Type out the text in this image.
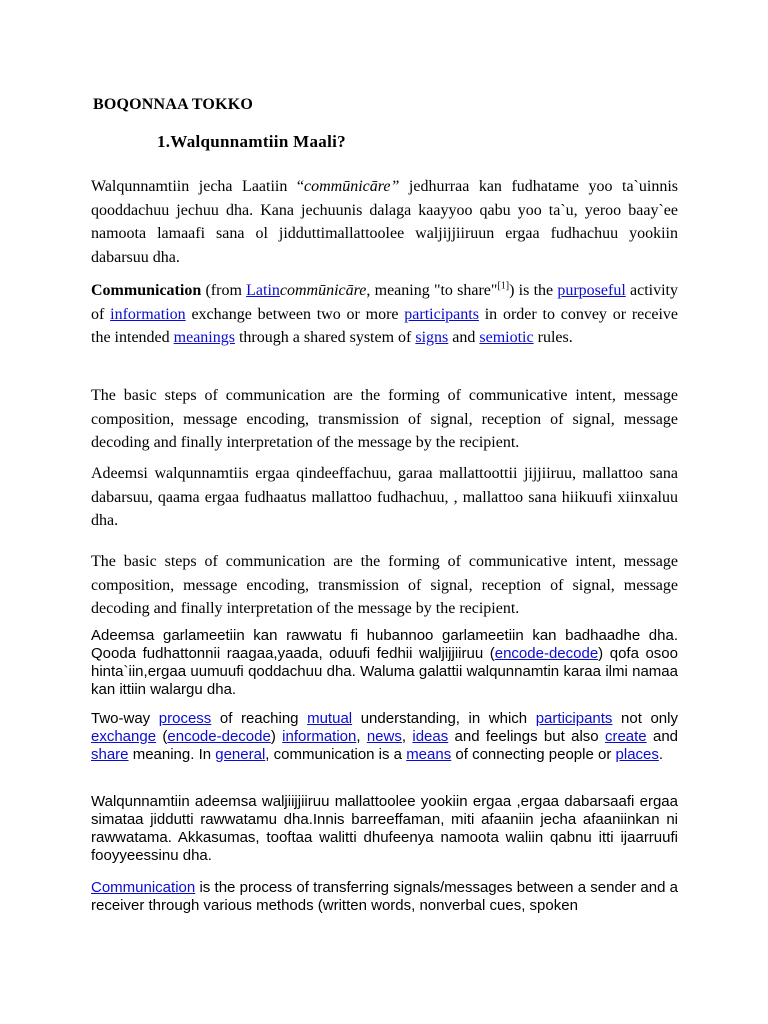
BOQONNAA TOKKO
1.Walqunnamtiin Maali?

Walqunnamtiin jecha Laatiin “commūnicāre” jedhurraa kan fudhatame yoo ta`uinnis qooddachuu jechuu dha. Kana jechuunis dalaga kaayyoo qabu yoo ta`u, yeroo baay`ee namoota lamaafi sana ol jidduttimallattoolee waljijjiiruun ergaa fudhachuu yookiin dabarsuu dha.

Communication (from Latincommūnicāre, meaning "to share"[1]) is the purposeful activity of information exchange between two or more participants in order to convey or receive the intended meanings through a shared system of signs and semiotic rules.

The basic steps of communication are the forming of communicative intent, message composition, message encoding, transmission of signal, reception of signal, message decoding and finally interpretation of the message by the recipient.

Adeemsi walqunnamtiis ergaa qindeeffachuu, garaa mallattoottii jijjiiruu, mallattoo sana dabarsuu, qaama ergaa fudhaatus mallattoo fudhachuu, , mallattoo sana hiikuufi xiinxaluu dha.

The basic steps of communication are the forming of communicative intent, message composition, message encoding, transmission of signal, reception of signal, message decoding and finally interpretation of the message by the recipient.

Adeemsa garlameetiin kan rawwatu fi hubannoo garlameetiin kan badhaadhe dha. Qooda fudhattonnii raagaa,yaada, oduufi fedhii waljijjiiruu (encode-decode) qofa osoo hinta`iin,ergaa uumuufi qoddachuu dha. Waluma galattii walqunnamtin karaa ilmi namaa kan ittiin walargu dha.

Two-way process of reaching mutual understanding, in which participants not only exchange (encode-decode) information, news, ideas and feelings but also create and share meaning. In general, communication is a means of connecting people or places.

Walqunnamtiin adeemsa waljiijjiiruu mallattoolee yookiin ergaa ,ergaa dabarsaafi ergaa simataa jiddutti rawwatamu dha.Innis barreeffaman, miti afaaniin jecha afaaniinkan ni rawwatama. Akkasumas, tooftaa walitti dhufeenya namoota waliin qabnu itti ijaarruufi fooyyeessinu dha.

Communication is the process of transferring signals/messages between a sender and a receiver through various methods (written words, nonverbal cues, spoken
